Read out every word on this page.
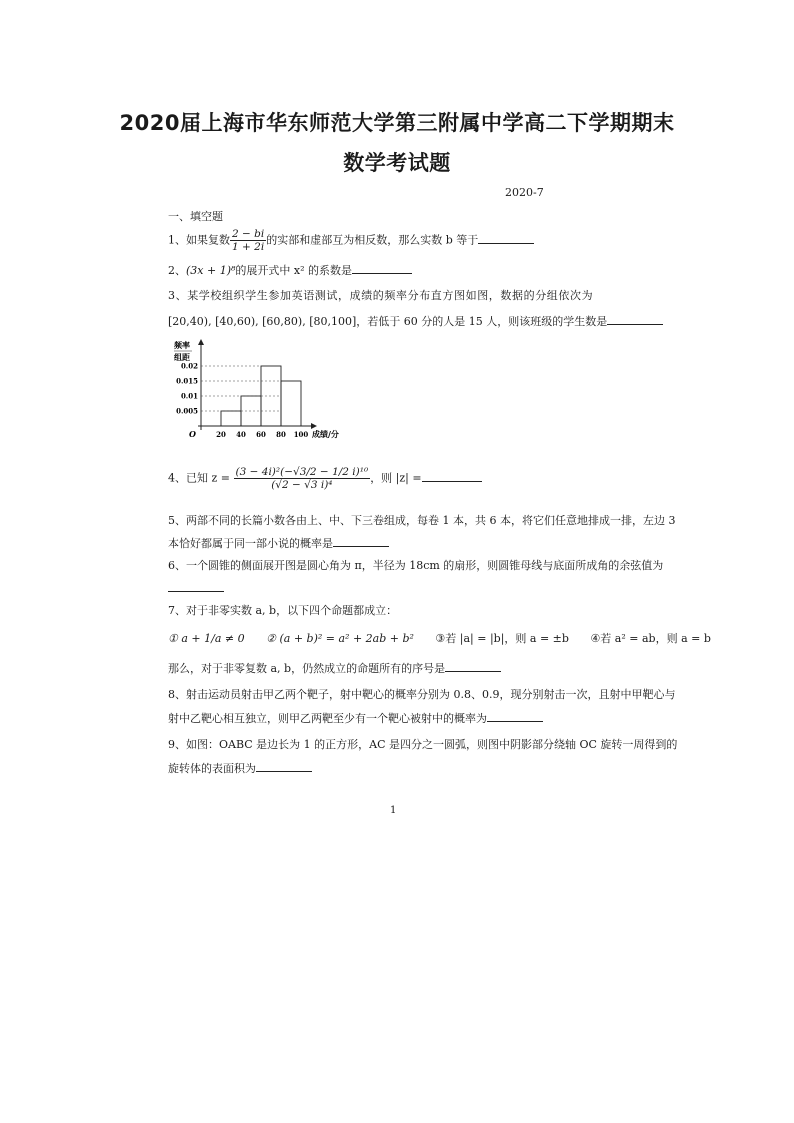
2020届上海市华东师范大学第三附属中学高二下学期期末
数学考试题
2020-7
一、填空题
1、如果复数 $\frac{2 - bi}{1 + 2i}$ 的实部和虚部互为相反数，那么实数 b 等于
2、(3x + 1)⁸的展开式中 x² 的系数是
3、某学校组织学生参加英语测试，成绩的频率分布直方图如图，数据的分组依次为
[20,40), [40,60), [60,80), [80,100]，若低于 60 分的人是 15 人，则该班级的学生数是
频率
组距
成绩/分
O	20 40 60 80 100
0.005
0.01
0.015
0.02
4、已知 $z = \frac{\text{(3 − 4i)²(−√3/2 − 1/2 i)¹⁰}}{\text{(√2 − √3 i)⁴}}$ ，则 |z| =
5、两部不同的长篇小数各由上、中、下三卷组成，每卷 1 本，共 6 本，将它们任意地排成一排，左边 3
本恰好都属于同一部小说的概率是
6、一个圆锥的侧面展开图是圆心角为 π，半径为 18cm 的扇形，则圆锥母线与底面所成角的余弦值为
7、对于非零实数 a, b，以下四个命题都成立：
① a + 1/a ≠ 0 ② (a + b)² = a² + 2ab + b² ③若 |a| = |b|，则 a = ±b ④若 a² = ab，则 a = b
那么，对于非零复数 a, b，仍然成立的命题所有的序号是
8、射击运动员射击甲乙两个靶子，射中靶心的概率分别为 0.8、0.9，现分别射击一次，且射中甲靶心与
射中乙靶心相互独立，则甲乙两靶至少有一个靶心被射中的概率为
9、如图：OABC 是边长为 1 的正方形，AC 是四分之一圆弧，则图中阴影部分绕轴 OC 旋转一周得到的
旋转体的表面积为
1
